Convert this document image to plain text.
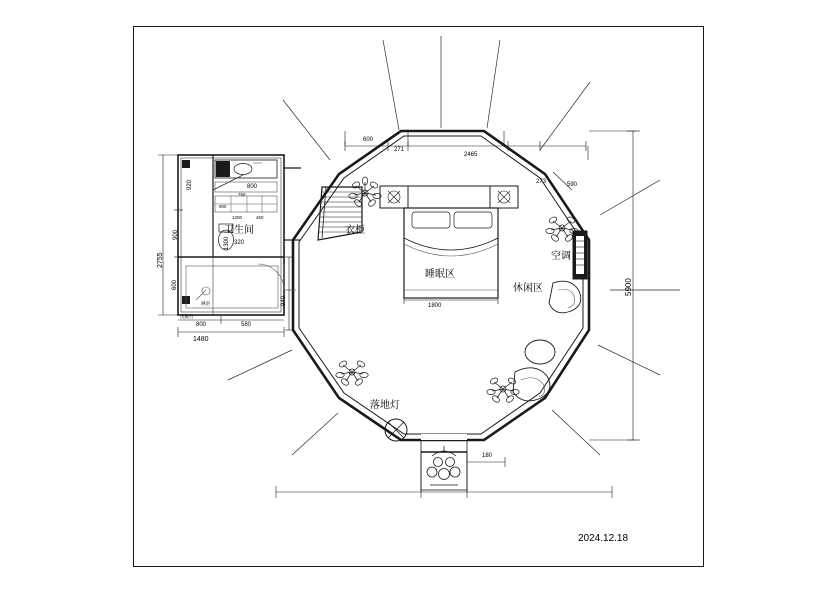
卫生间	衣柜
睡眠区
空调
休闲区
落地灯
1480
800	580
800
320
600
271
2465
273	590
1800
180
2755
920
900
600
1300
940
5900
750
900
1200	450
洗漱台
淋浴
2024.12.18
